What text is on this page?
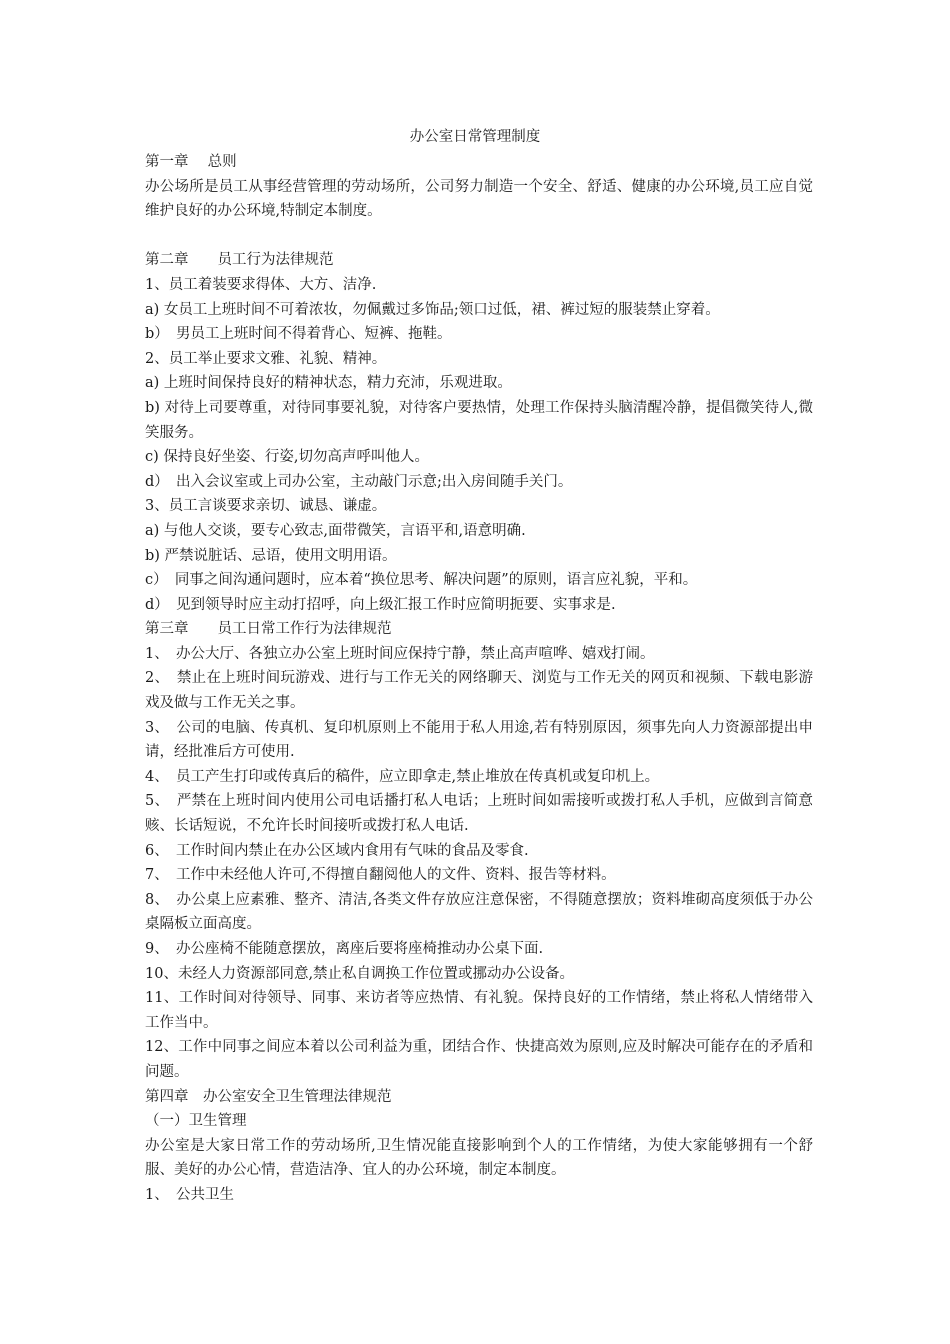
办公室日常管理制度

第一章　 总则

办公场所是员工从事经营管理的劳动场所，公司努力制造一个安全、舒适、健康的办公环境,员工应自觉维护良好的办公环境,特制定本制度。

第二章　　员工行为法律规范

1、员工着装要求得体、大方、洁净.

a) 女员工上班时间不可着浓妆，勿佩戴过多饰品;领口过低，裙、裤过短的服装禁止穿着。

b）　男员工上班时间不得着背心、短裤、拖鞋。

2、员工举止要求文雅、礼貌、精神。

a) 上班时间保持良好的精神状态，精力充沛，乐观进取。

b) 对待上司要尊重，对待同事要礼貌，对待客户要热情，处理工作保持头脑清醒冷静，提倡微笑待人,微笑服务。

c) 保持良好坐姿、行姿,切勿高声呼叫他人。

d）　出入会议室或上司办公室，主动敲门示意;出入房间随手关门。

3、员工言谈要求亲切、诚恳、谦虚。

a) 与他人交谈，要专心致志,面带微笑，言语平和,语意明确.

b) 严禁说脏话、忌语，使用文明用语。

c）　同事之间沟通问题时，应本着“换位思考、解决问题”的原则，语言应礼貌，平和。

d）　见到领导时应主动打招呼，向上级汇报工作时应简明扼要、实事求是.

第三章　　员工日常工作行为法律规范

1、　办公大厅、各独立办公室上班时间应保持宁静，禁止高声喧哗、嬉戏打闹。

2、　禁止在上班时间玩游戏、进行与工作无关的网络聊天、浏览与工作无关的网页和视频、下载电影游戏及做与工作无关之事。

3、　公司的电脑、传真机、复印机原则上不能用于私人用途,若有特别原因，须事先向人力资源部提出申请，经批准后方可使用.

4、　员工产生打印或传真后的稿件，应立即拿走,禁止堆放在传真机或复印机上。

5、　严禁在上班时间内使用公司电话播打私人电话；上班时间如需接听或拨打私人手机，应做到言简意赅、长话短说，不允许长时间接听或拨打私人电话.

6、　工作时间内禁止在办公区域内食用有气味的食品及零食.

7、　工作中未经他人许可,不得擅自翻阅他人的文件、资料、报告等材料。

8、　办公桌上应素雅、整齐、清洁,各类文件存放应注意保密，不得随意摆放；资料堆砌高度须低于办公桌隔板立面高度。

9、　办公座椅不能随意摆放，离座后要将座椅推动办公桌下面.

10、未经人力资源部同意,禁止私自调换工作位置或挪动办公设备。

11、工作时间对待领导、同事、来访者等应热情、有礼貌。保持良好的工作情绪，禁止将私人情绪带入工作当中。

12、工作中同事之间应本着以公司利益为重，团结合作、快捷高效为原则,应及时解决可能存在的矛盾和问题。

第四章　办公室安全卫生管理法律规范

（一）卫生管理

办公室是大家日常工作的劳动场所,卫生情况能直接影响到个人的工作情绪，为使大家能够拥有一个舒服、美好的办公心情，营造洁净、宜人的办公环境，制定本制度。

1、　公共卫生
